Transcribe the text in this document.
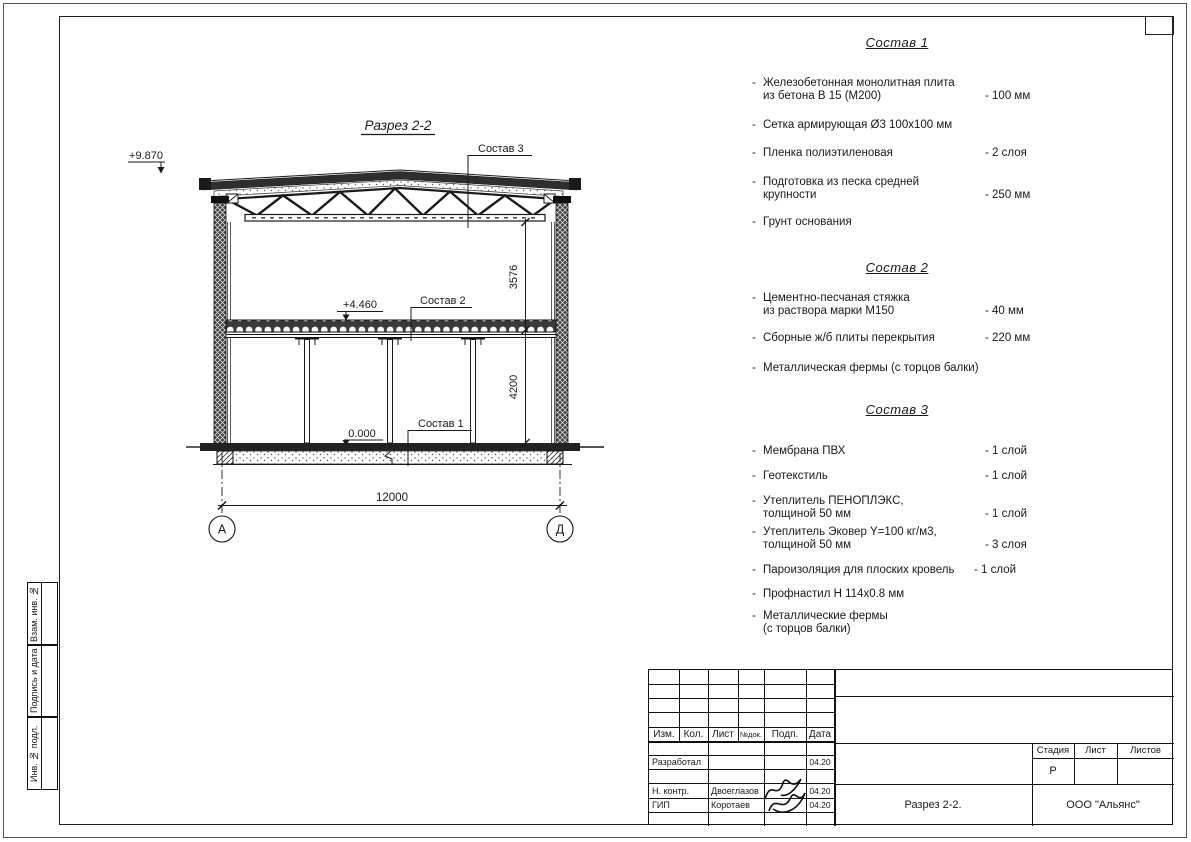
Разрез 2-2
+9.870
+4.460
0.000
Состав 3
Состав 2
Состав 1
3576
4200
12000
А	Д
Состав 1
- Железобетонная монолитная плита
из бетона В 15 (М200)	- 100 мм
- Сетка армирующая Ø3 100x100 мм
- Пленка полиэтиленовая	- 2 слоя
- Подготовка из песка средней
крупности	- 250 мм
- Грунт основания
Состав 2
- Цементно-песчаная стяжка
из раствора марки М150	- 40 мм
- Сборные ж/б плиты перекрытия	- 220 мм
- Металлическая фермы (с торцов балки)
Состав 3
- Мембрана ПВХ	- 1 слой
- Геотекстиль	- 1 слой
- Утеплитель ПЕНОПЛЭКС,
толщиной 50 мм	- 1 слой
- Утеплитель Эковер Y=100 кг/м3,
толщиной 50 мм	- 3 слоя
- Пароизоляция для плоских кровель	- 1 слой
- Профнастил Н 114x0.8 мм
- Металлические фермы
(с торцов балки)
Взам. инв. №
Подпись и дата
Инв. № подл.	Изм. Кол. Лист №док. Подп.	Дата
Разработал	04.20
Н. контр.	Двоеглазов	04.20
ГИП	Коротаев	04.20
Стадия	Лист	Листов
Р
Разрез 2-2.	ООО "Альянс"
